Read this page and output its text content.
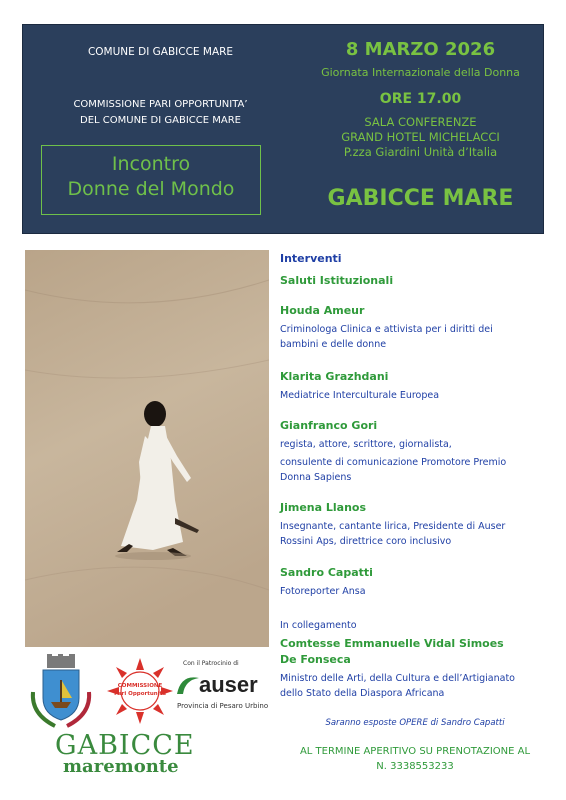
COMUNE DI GABICCE MARE
COMMISSIONE PARI OPPORTUNITA’
DEL COMUNE DI GABICCE MARE
Incontro
Donne del Mondo
8 MARZO 2026
Giornata Internazionale della Donna
ORE 17.00
SALA CONFERENZE
GRAND HOTEL MICHELACCI
P.zza Giardini Unità d’Italia
GABICCE MARE
Interventi
Saluti Istituzionali
Houda Ameur
Criminologa Clinica e attivista per i diritti dei
bambini e delle donne
Klarita Grazhdani
Mediatrice Interculturale Europea
Gianfranco Gori
regista, attore, scrittore, giornalista,
consulente di comunicazione Promotore Premio
Donna Sapiens
Jimena Llanos
Insegnante, cantante lirica, Presidente di Auser
Rossini Aps, direttrice coro inclusivo
Sandro Capatti
Fotoreporter Ansa
In collegamento
Comtesse Emmanuelle Vidal Simoes
De Fonseca
Ministro delle Arti, della Cultura e dell’Artigianato
dello Stato della Diaspora Africana
COMMISSIONE
Pari Opportunità
Con il Patrocinio di
auser
Provincia di Pesaro Urbino
GABICCE
maremonte
Saranno esposte OPERE di Sandro Capatti
AL TERMINE APERITIVO SU PRENOTAZIONE AL
N. 3338553233
